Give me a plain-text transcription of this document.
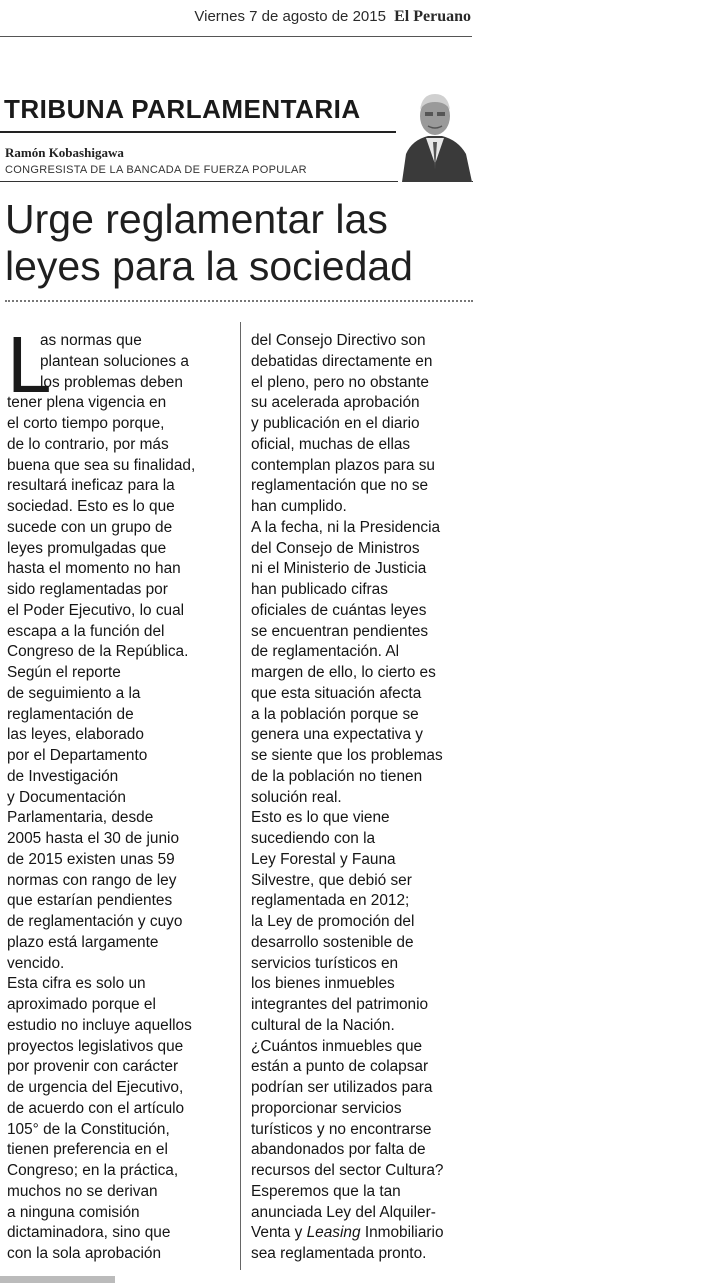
Viernes 7 de agosto de 2015 El Peruano
TRIBUNA PARLAMENTARIA
Ramón Kobashigawa
CONGRESISTA DE LA BANCADA DE FUERZA POPULAR
Urge reglamentar las
leyes para la sociedad
L
as normas que
plantean soluciones a
los problemas deben
tener plena vigencia en
el corto tiempo porque,
de lo contrario, por más
buena que sea su finalidad,
resultará ineficaz para la
sociedad. Esto es lo que
sucede con un grupo de
leyes promulgadas que
hasta el momento no han
sido reglamentadas por
el Poder Ejecutivo, lo cual
escapa a la función del
Congreso de la República.
Según el reporte
de seguimiento a la
reglamentación de
las leyes, elaborado
por el Departamento
de Investigación
y Documentación
Parlamentaria, desde
2005 hasta el 30 de junio
de 2015 existen unas 59
normas con rango de ley
que estarían pendientes
de reglamentación y cuyo
plazo está largamente
vencido.
Esta cifra es solo un
aproximado porque el
estudio no incluye aquellos
proyectos legislativos que
por provenir con carácter
de urgencia del Ejecutivo,
de acuerdo con el artículo
105° de la Constitución,
tienen preferencia en el
Congreso; en la práctica,
muchos no se derivan
a ninguna comisión
dictaminadora, sino que
con la sola aprobación
del Consejo Directivo son
debatidas directamente en
el pleno, pero no obstante
su acelerada aprobación
y publicación en el diario
oficial, muchas de ellas
contemplan plazos para su
reglamentación que no se
han cumplido.
A la fecha, ni la Presidencia
del Consejo de Ministros
ni el Ministerio de Justicia
han publicado cifras
oficiales de cuántas leyes
se encuentran pendientes
de reglamentación. Al
margen de ello, lo cierto es
que esta situación afecta
a la población porque se
genera una expectativa y
se siente que los problemas
de la población no tienen
solución real.
Esto es lo que viene
sucediendo con la
Ley Forestal y Fauna
Silvestre, que debió ser
reglamentada en 2012;
la Ley de promoción del
desarrollo sostenible de
servicios turísticos en
los bienes inmuebles
integrantes del patrimonio
cultural de la Nación.
¿Cuántos inmuebles que
están a punto de colapsar
podrían ser utilizados para
proporcionar servicios
turísticos y no encontrarse
abandonados por falta de
recursos del sector Cultura?
Esperemos que la tan
anunciada Ley del Alquiler-
Venta y Leasing Inmobiliario
sea reglamentada pronto.
